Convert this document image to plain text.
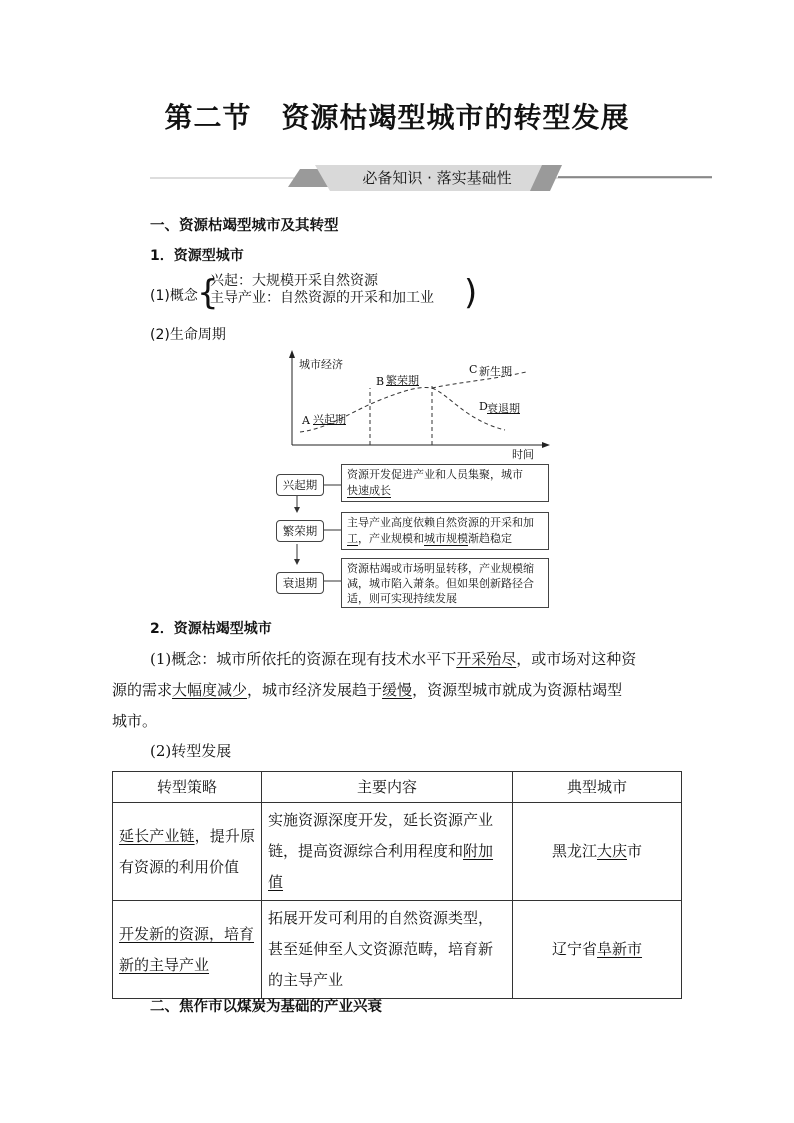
第二节 资源枯竭型城市的转型发展
必备知识 · 落实基础性
一、资源枯竭型城市及其转型
1．资源型城市
(1)概念 {
兴起：大规模开采自然资源
主导产业：自然资源的开采和加工业 )
(2)生命周期
城市经济
时间
A 兴起期
B 繁荣期
C 新生期
D 衰退期
兴起期
资源开发促进产业和人员集聚，城市
快速成长
繁荣期
主导产业高度依赖自然资源的开采和加
工，产业规模和城市规模渐趋稳定
衰退期
资源枯竭或市场明显转移，产业规模缩
减，城市陷入萧条。但如果创新路径合
适，则可实现持续发展
2．资源枯竭型城市
(1)概念：城市所依托的资源在现有技术水平下开采殆尽，或市场对这种资
源的需求大幅度减少，城市经济发展趋于缓慢，资源型城市就成为资源枯竭型
城市。
(2)转型发展
转型策略	主要内容	典型城市
延长产业链，提升原有资源的利用价值	实施资源深度开发，延长资源产业链，提高资源综合利用程度和附加值	黑龙江大庆市
开发新的资源，培育新的主导产业	拓展开发可利用的自然资源类型，甚至延伸至人文资源范畴，培育新的主导产业	辽宁省阜新市
二、焦作市以煤炭为基础的产业兴衰
